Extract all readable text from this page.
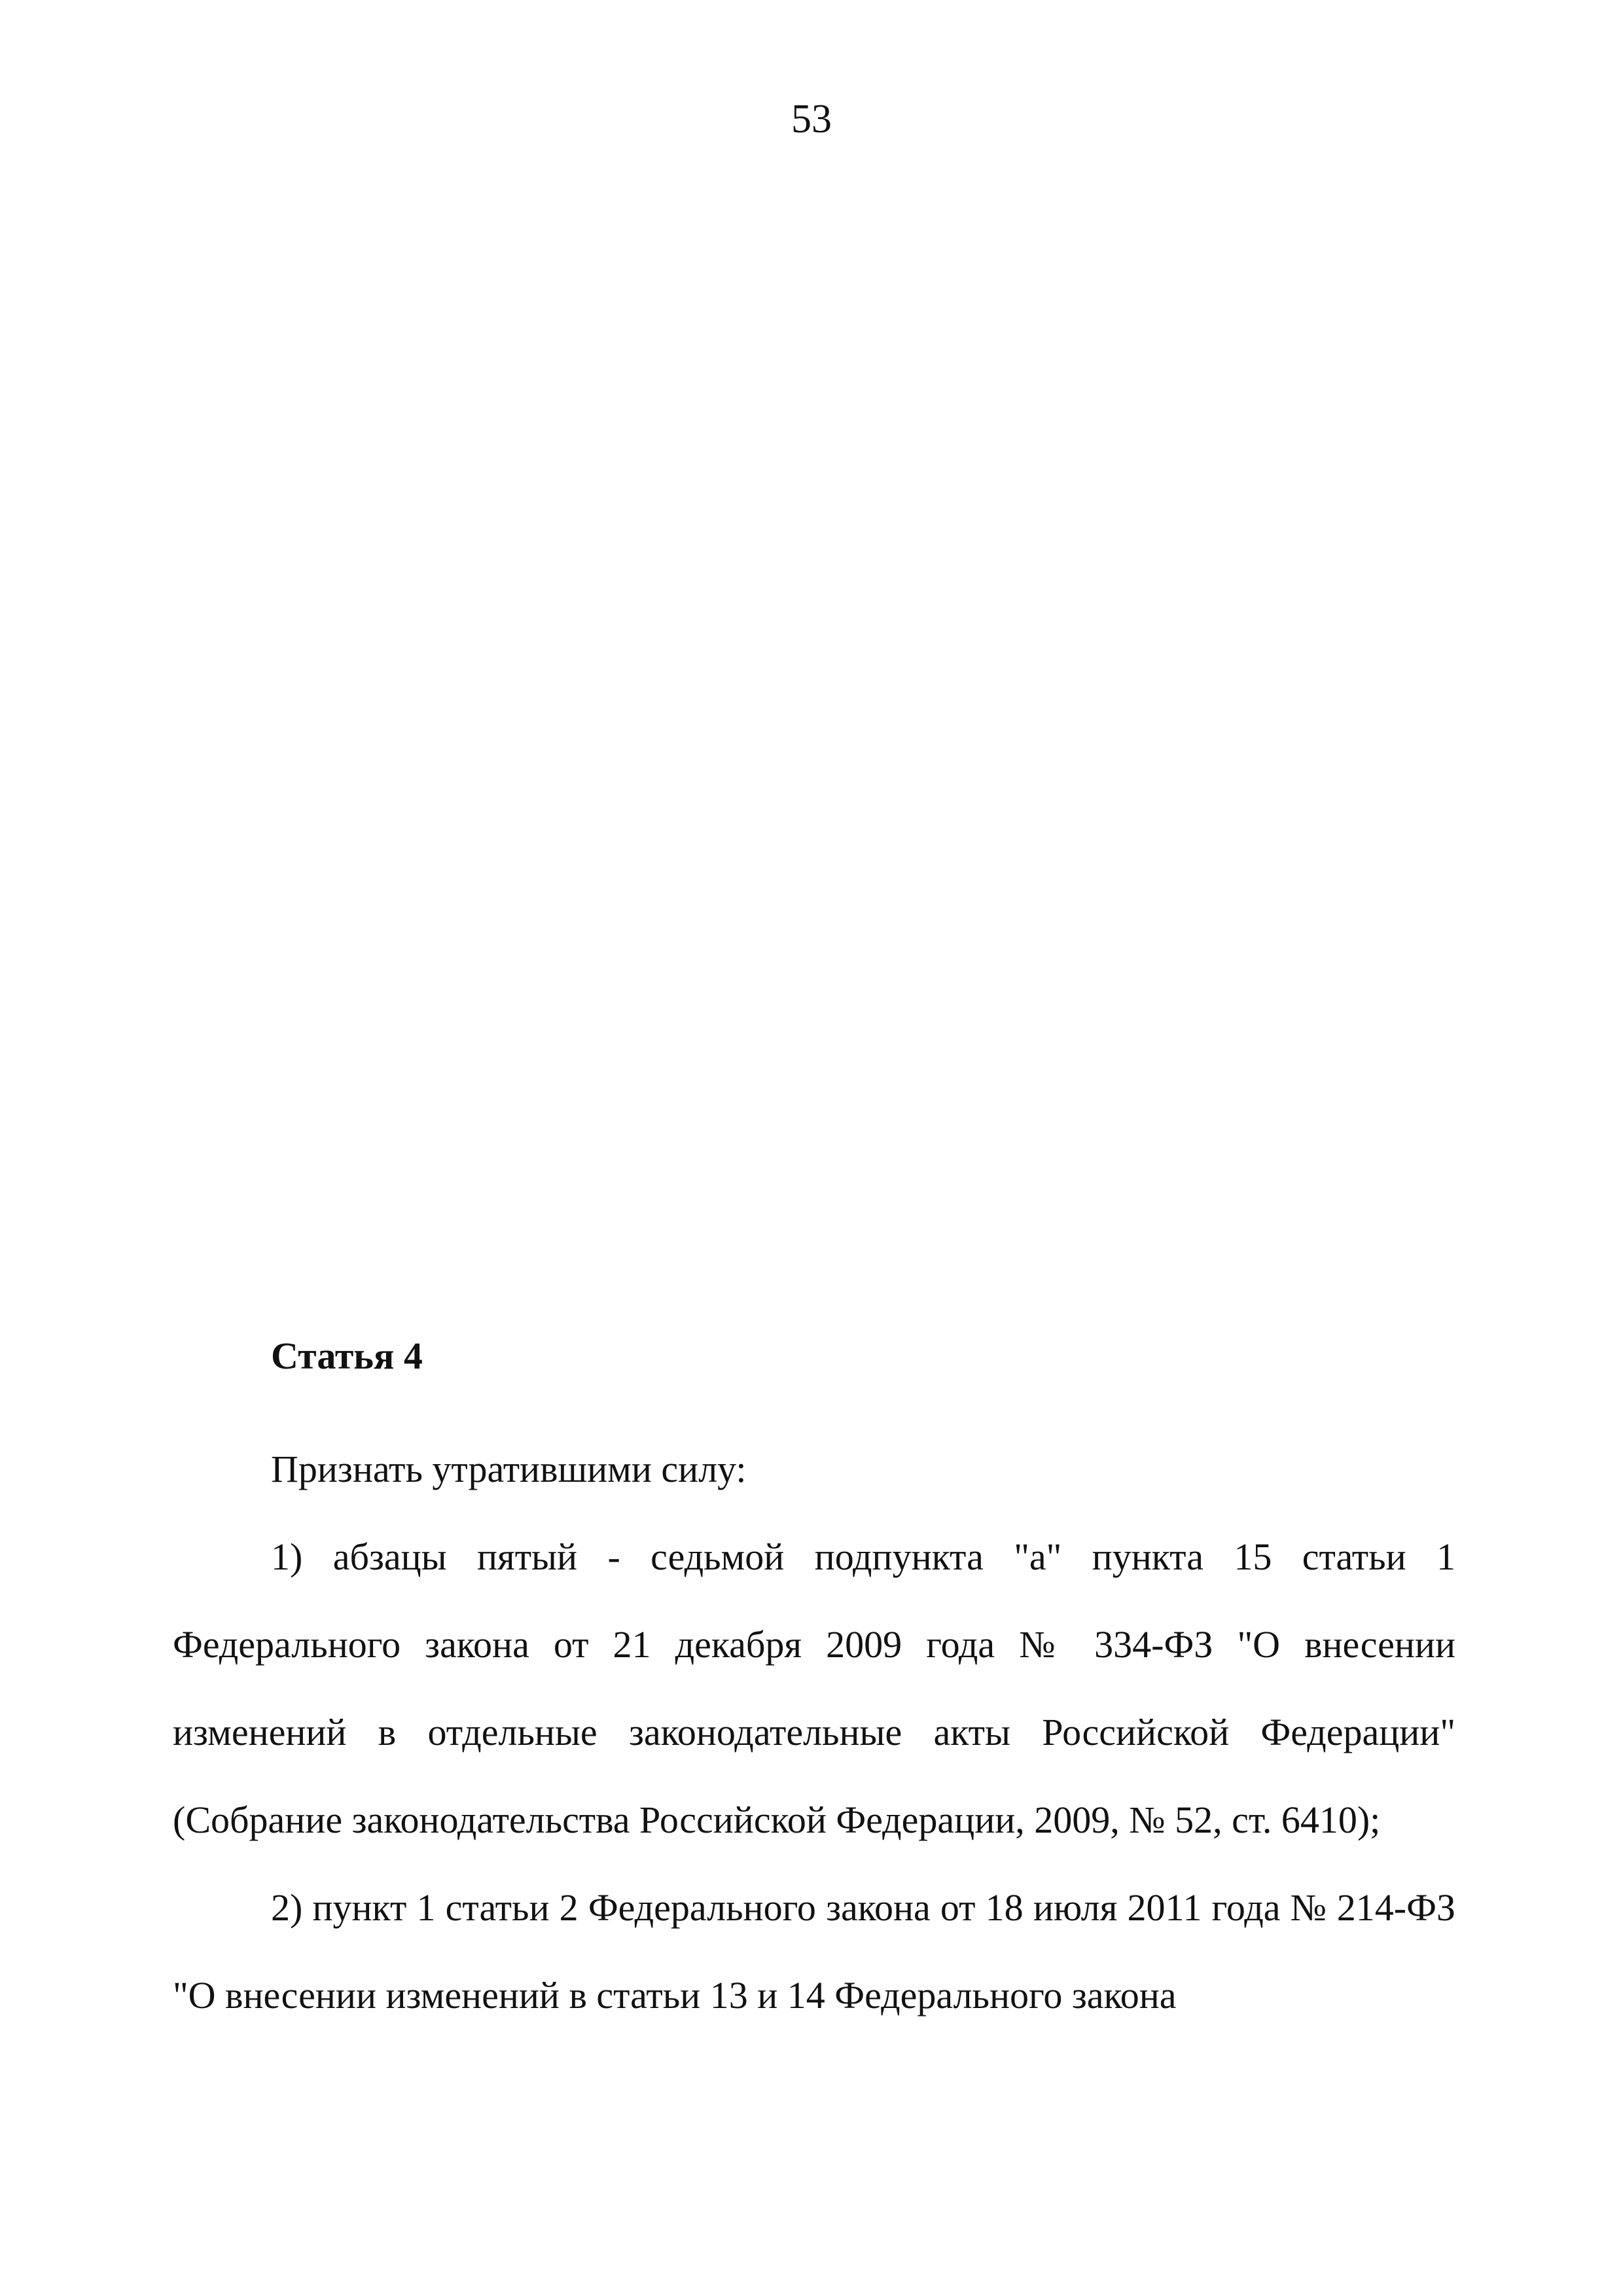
53
Статья 4

Признать утратившими силу:

1) абзацы пятый - седьмой подпункта "а" пункта 15 статьи 1 Федерального закона от 21 декабря 2009 года № 334-ФЗ "О внесении изменений в отдельные законодательные акты Российской Федерации" (Собрание законодательства Российской Федерации, 2009, № 52, ст. 6410);

2) пункт 1 статьи 2 Федерального закона от 18 июля 2011 года № 214-ФЗ "О внесении изменений в статьи 13 и 14 Федерального закона
